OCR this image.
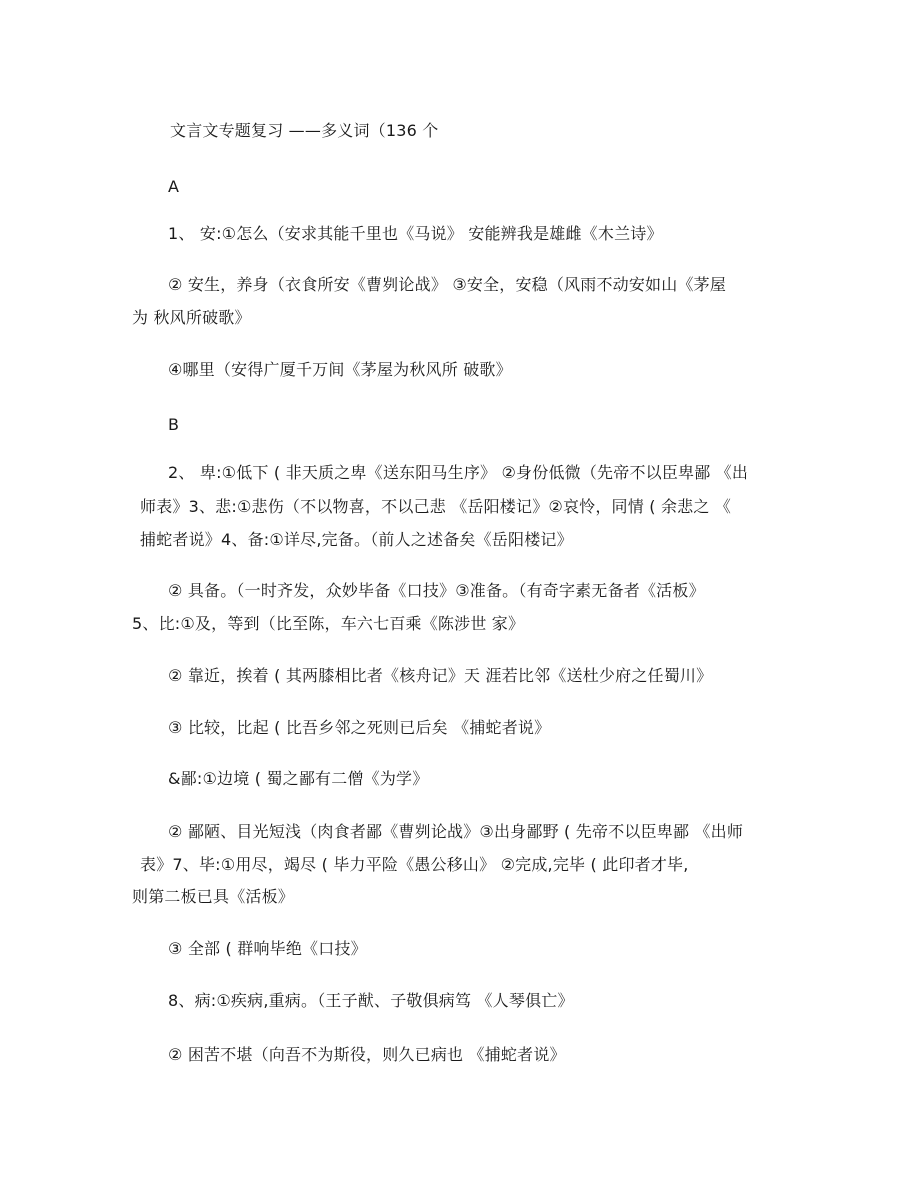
文言文专题复习 ——多义词（136 个
A
1、 安:①怎么（安求其能千里也《马说》 安能辨我是雄雌《木兰诗》
② 安生，养身（衣食所安《曹刿论战》 ③安全，安稳（风雨不动安如山《茅屋
为 秋风所破歌》
④哪里（安得广厦千万间《茅屋为秋风所 破歌》
B
2、 卑:①低下 ( 非天质之卑《送东阳马生序》 ②身份低微（先帝不以臣卑鄙 《出
师表》3、悲:①悲伤（不以物喜，不以己悲 《岳阳楼记》②哀怜，同情 ( 余悲之 《
捕蛇者说》4、备:①详尽,完备。（前人之述备矣《岳阳楼记》
② 具备。（一时齐发，众妙毕备《口技》③准备。（有奇字素无备者《活板》
5、比:①及，等到（比至陈，车六七百乘《陈涉世 家》
② 靠近，挨着 ( 其两膝相比者《核舟记》天 涯若比邻《送杜少府之任蜀川》
③ 比较，比起 ( 比吾乡邻之死则已后矣 《捕蛇者说》
&鄙:①边境 ( 蜀之鄙有二僧《为学》
② 鄙陋、目光短浅（肉食者鄙《曹刿论战》③出身鄙野 ( 先帝不以臣卑鄙 《出师
表》7、毕:①用尽，竭尽 ( 毕力平险《愚公移山》 ②完成,完毕 ( 此印者才毕,
则第二板已具《活板》
③ 全部 ( 群响毕绝《口技》
8、病:①疾病,重病。（王子猷、子敬俱病笃 《人琴俱亡》
② 困苦不堪（向吾不为斯役，则久已病也 《捕蛇者说》
